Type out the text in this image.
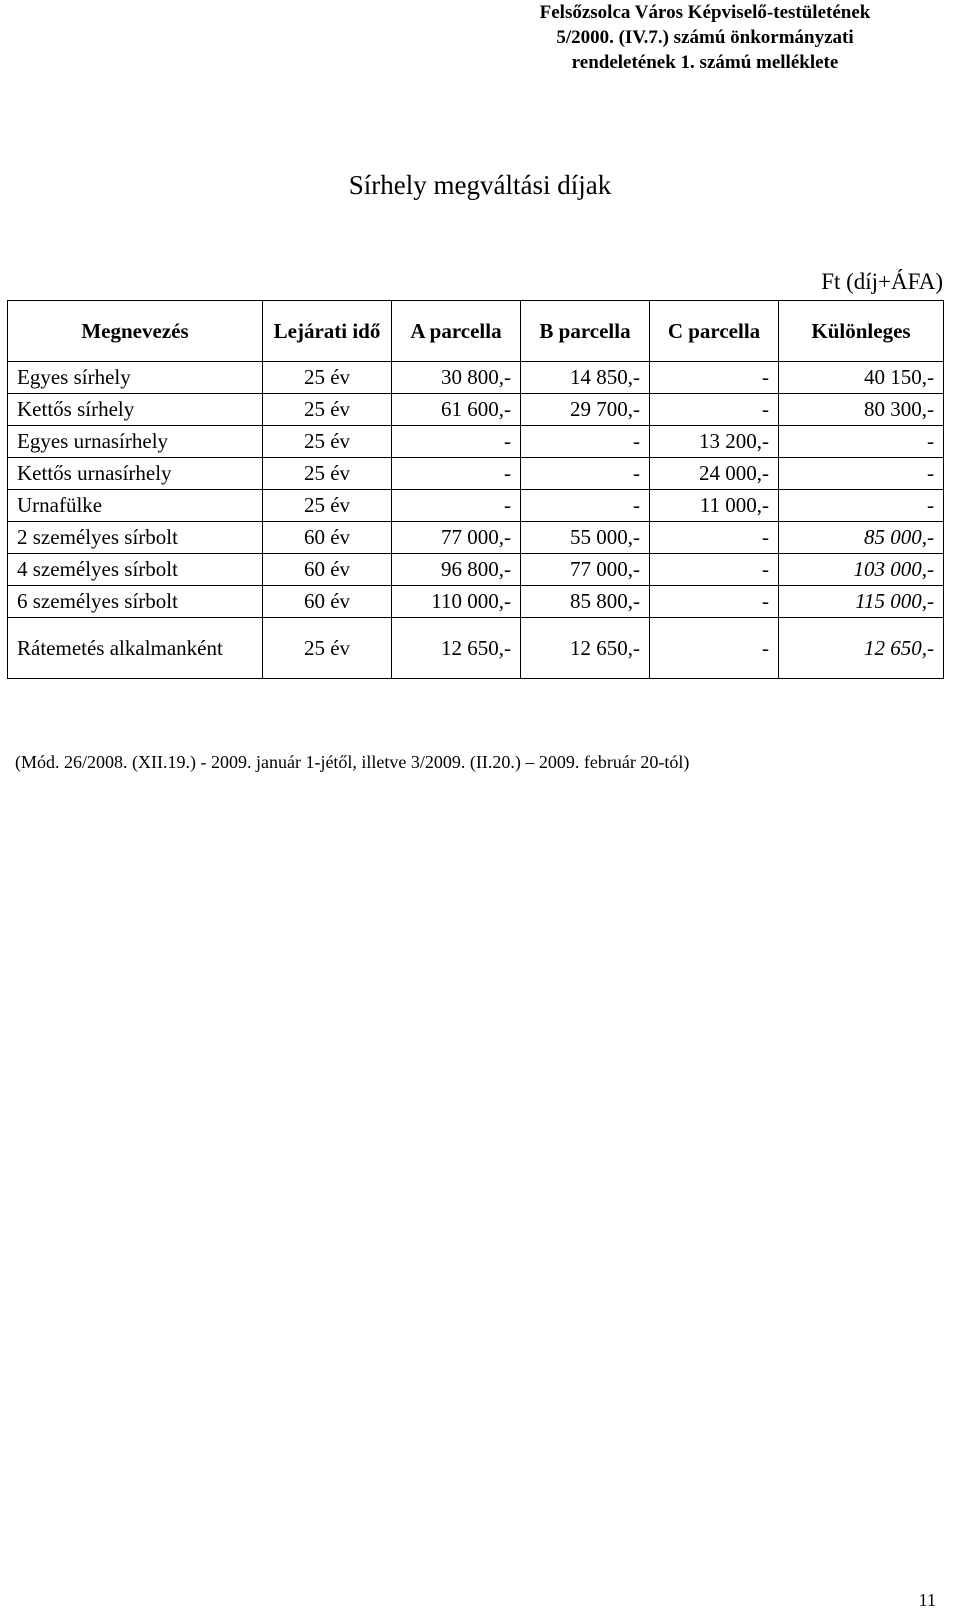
Felsőzsolca Város Képviselő-testületének
5/2000. (IV.7.) számú önkormányzati
rendeletének 1. számú melléklete
Sírhely megváltási díjak
Ft (díj+ÁFA)
Megnevezés	Lejárati idő	A parcella	B parcella	C parcella	Különleges
Egyes sírhely	25 év	30 800,-	14 850,-	-	40 150,-
Kettős sírhely	25 év	61 600,-	29 700,-	-	80 300,-
Egyes urnasírhely	25 év	-	-	13 200,-	-
Kettős urnasírhely	25 év	-	-	24 000,-	-
Urnafülke	25 év	-	-	11 000,-	-
2 személyes sírbolt	60 év	77 000,-	55 000,-	-	85 000,-
4 személyes sírbolt	60 év	96 800,-	77 000,-	-	103 000,-
6 személyes sírbolt	60 év	110 000,-	85 800,-	-	115 000,-
Rátemetés alkalmanként	25 év	12 650,-	12 650,-	-	12 650,-
(Mód. 26/2008. (XII.19.) - 2009. január 1-jétől, illetve 3/2009. (II.20.) – 2009. február 20-tól)
11
